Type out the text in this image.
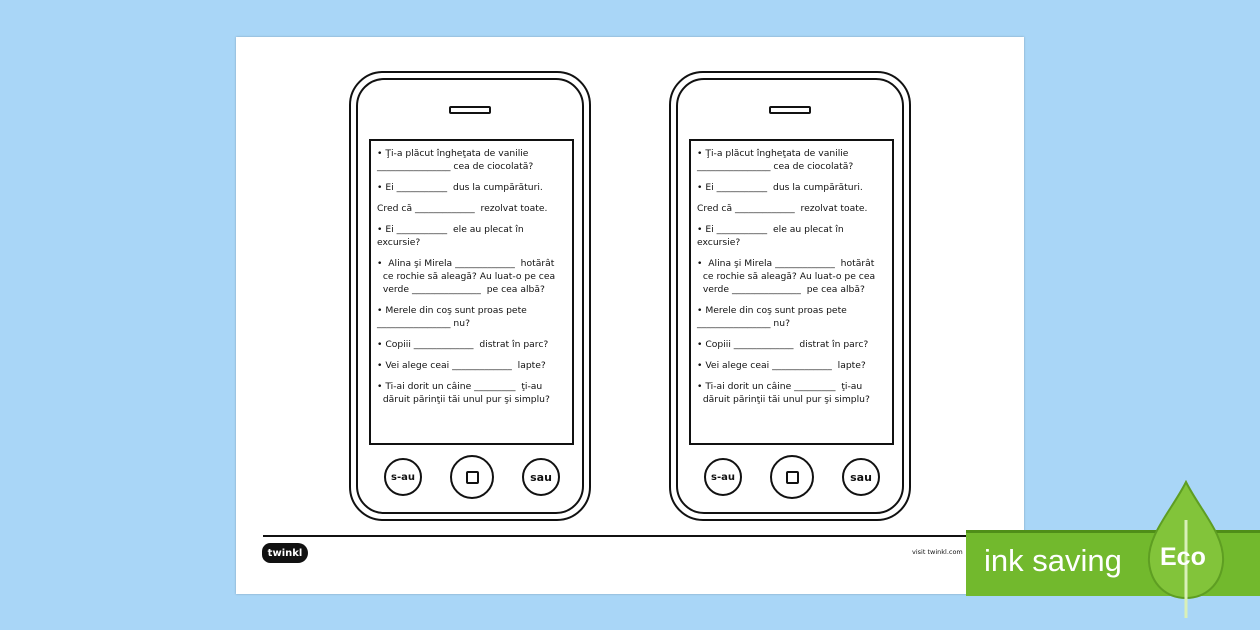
• Ţi-a plăcut îngheţata de vanilie
________________ cea de ciocolată?
• Ei ___________  dus la cumpărături.
Cred că _____________  rezolvat toate.
• Ei ___________  ele au plecat în excursie?
•  Alina şi Mirela _____________  hotărât
ce rochie să aleagă? Au luat-o pe cea
verde _______________  pe cea albă?
• Merele din coş sunt proas pete
________________ nu?
• Copiii _____________  distrat în parc?
• Vei alege ceai _____________  lapte?
• Ti-ai dorit un câine _________  ţi-au
dăruit părinţii tăi unul pur şi simplu?
s-au	sau
• Ţi-a plăcut îngheţata de vanilie
________________ cea de ciocolată?
• Ei ___________  dus la cumpărături.
Cred că _____________  rezolvat toate.
• Ei ___________  ele au plecat în excursie?
•  Alina şi Mirela _____________  hotărât
ce rochie să aleagă? Au luat-o pe cea
verde _______________  pe cea albă?
• Merele din coş sunt proas pete
________________ nu?
• Copiii _____________  distrat în parc?
• Vei alege ceai _____________  lapte?
• Ti-ai dorit un câine _________  ţi-au
dăruit părinţii tăi unul pur şi simplu?
s-au	sau
twinkl	visit twinkl.com ink saving Eco
